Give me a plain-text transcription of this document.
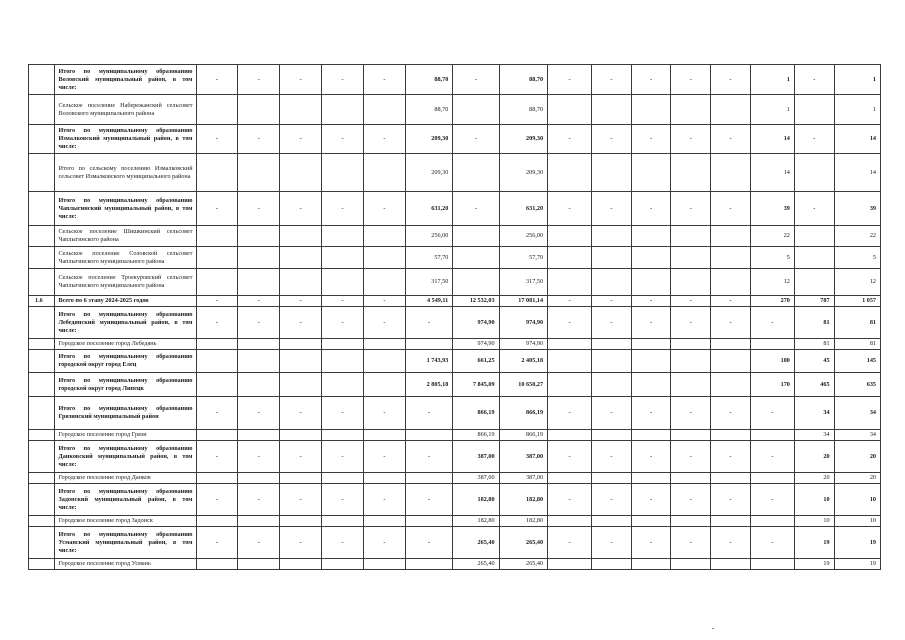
	Итого по муниципальному образованию Воловский муниципальный район, в том числе:	-	-	-	-	-	88,70	-	88,70	-	-	-	-	-	1	-	1
	Сельское поселение Набережанский сельсовет Воловского муниципального района						88,70		88,70						1		1
	Итого по муниципальному образованию Измалковский муниципальный район, в том числе:	-	-	-	-	-	209,30	-	209,30	-	-	-	-	-	14	-	14
	Итого по сельскому поселению Измалковский сельсовет Измалковского муниципального района						209,30		209,30						14		14
	Итого по муниципальному образованию Чаплыгинский муниципальный район, в том числе:	-	-	-	-	-	631,20	-	631,20	-	-	-	-	-	39	-	39
	Сельское поселение Шишкинский сельсовет Чаплыгинского района						256,00		256,00						22		22
	Сельское поселение Соловской сельсовет Чаплыгинского муниципального района						57,70		57,70						5		5
	Сельское поселение Троекуровский сельсовет Чаплыгинского муниципального района						317,50		317,50						12		12
1.6	Всего по 6 этапу 2024-2025 годов	-	-	-	-	-	4 549,11	12 532,03	17 081,14	-	-	-	-	-	270	787	1 057
	Итого по муниципальному образованию Лебедянский муниципальный район, в том числе:	-	-	-	-	-	-	974,90	974,90	-	-	-	-	-	-	81	81
	Городское поселение город Лебедянь							974,90	974,90							81	81
	Итого по муниципальному образованию городской округ город Елец						1 743,93	661,25	2 405,18						100	45	145
	Итого по муниципальному образованию городской округ город Липецк						2 805,18	7 845,09	10 650,27						170	465	635
	Итого по муниципальному образованию Грязинский муниципальный район	-	-	-	-	-	-	866,19	866,19	-	-	-	-	-	-	34	34
	Городское поселение город Грязи							866,19	866,19							34	34
	Итого по муниципальному образованию Данковский муниципальный район, в том числе:	-	-	-	-	-	-	387,00	387,00	-	-	-	-	-	-	20	20
	Городское поселение город Данков							387,00	387,00							20	20
	Итого по муниципальному образованию Задонский муниципальный район, в том числе:	-	-	-	-	-	-	182,80	182,80	-	-	-	-	-	-	10	10
	Городское поселение город Задонск							182,80	182,80							10	10
	Итого по муниципальному образованию Усманский муниципальный район, в том числе:	-	-	-	-	-	-	265,40	265,40	-	-	-	-	-	-	19	19
	Городское поселение город Усмань							265,40	265,40							19	19
